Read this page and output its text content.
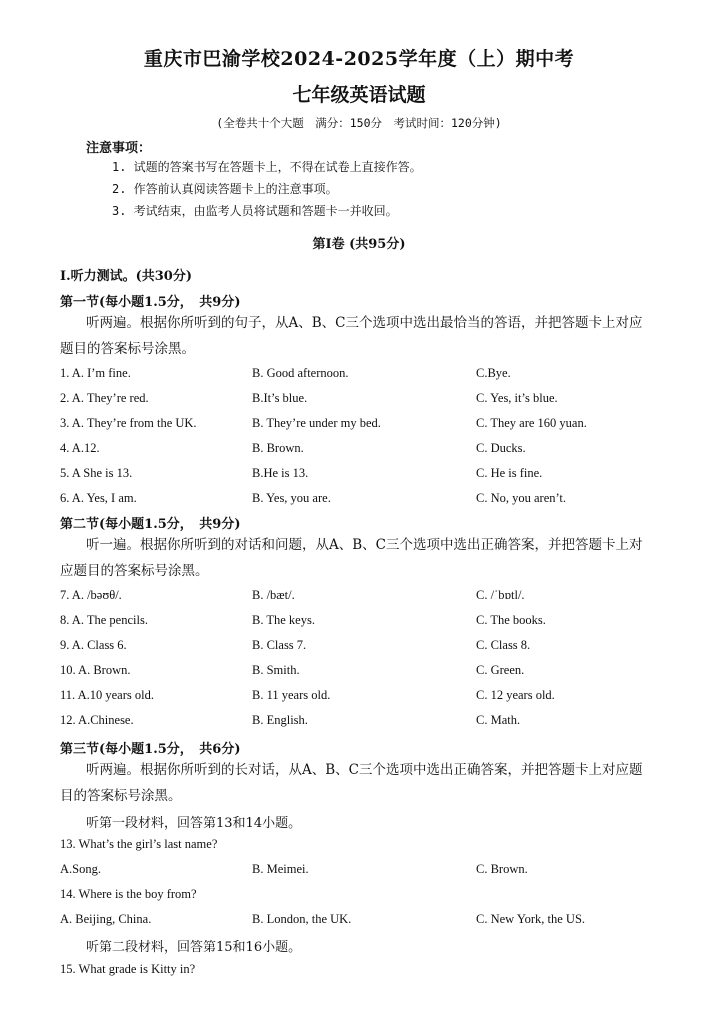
重庆市巴渝学校2024-2025学年度（上）期中考
七年级英语试题
(全卷共十个大题　满分：150分　考试时间：120分钟)
注意事项：
1. 试题的答案书写在答题卡上，不得在试卷上直接作答。
2. 作答前认真阅读答题卡上的注意事项。
3. 考试结束，由监考人员将试题和答题卡一并收回。
第Ⅰ卷 (共95分)
Ⅰ.听力测试。(共30分)
第一节(每小题1.5分，　共9分)
听两遍。根据你所听到的句子，从A、B、C三个选项中选出最恰当的答语，并把答题卡上对应
题目的答案标号涂黑。
1. A. I’m fine.	B. Good afternoon.	C.Bye.
2. A. They’re red.	B.It’s blue.	C. Yes, it’s blue.
3. A. They’re from the UK.	B. They’re under my bed.	C. They are 160 yuan.
4. A.12.	B. Brown.	C. Ducks.
5. A She is 13.	B.He is 13.	C. He is fine.
6. A. Yes, I am.	B. Yes, you are.	C. No, you aren’t.
第二节(每小题1.5分，　共9分)
听一遍。根据你所听到的对话和问题，从A、B、C三个选项中选出正确答案，并把答题卡上对
应题目的答案标号涂黑。
7. A. /bəʊθ/.	B. /bæt/.	C. /ˈbɒtl/.
8. A. The pencils.	B. The keys.	C. The books.
9. A. Class 6.	B. Class 7.	C. Class 8.
10. A. Brown.	B. Smith.	C. Green.
11. A.10 years old.	B. 11 years old.	C. 12 years old.
12. A.Chinese.	B. English.	C. Math.
第三节(每小题1.5分，　共6分)
听两遍。根据你所听到的长对话，从A、B、C三个选项中选出正确答案，并把答题卡上对应题
目的答案标号涂黑。
听第一段材料，回答第13和14小题。
13. What’s the girl’s last name?
A.Song.	B. Meimei.	C. Brown.
14. Where is the boy from?
A. Beijing, China.	B. London, the UK.	C. New York, the US.
听第二段材料，回答第15和16小题。
15. What grade is Kitty in?
